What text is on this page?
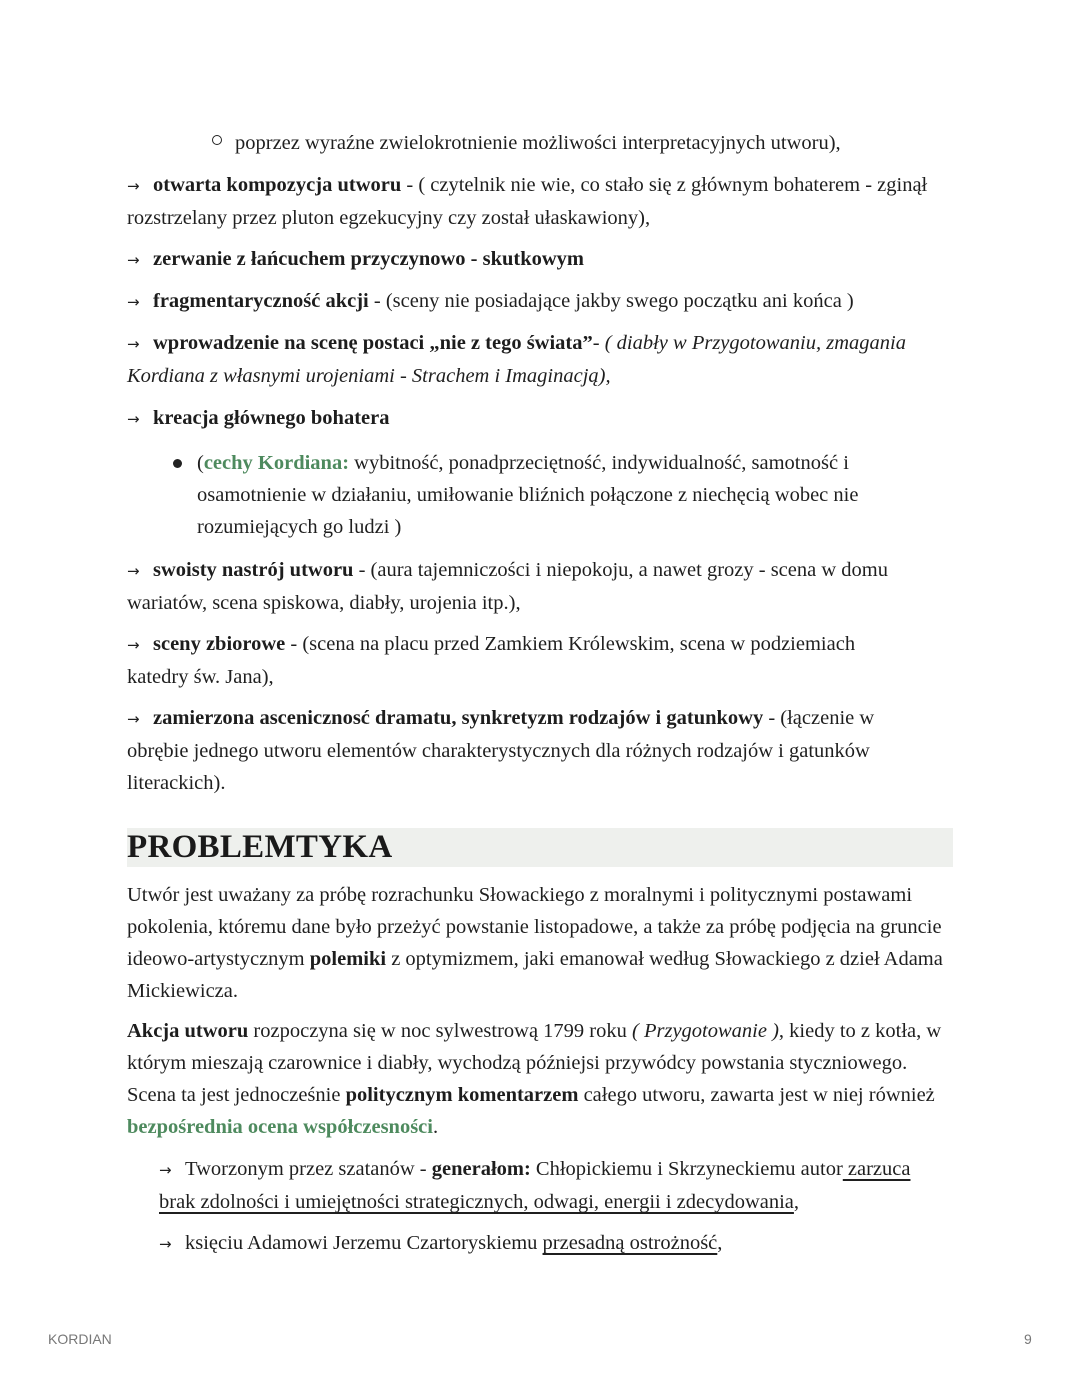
poprzez wyraźne zwielokrotnienie możliwości interpretacyjnych utworu),

→ otwarta kompozycja utworu - ( czytelnik nie wie, co stało się z głównym bohaterem - zginął rozstrzelany przez pluton egzekucyjny czy został ułaskawiony),

→ zerwanie z łańcuchem przyczynowo - skutkowym

→ fragmentaryczność akcji - (sceny nie posiadające jakby swego początku ani końca )

→ wprowadzenie na scenę postaci „nie z tego świata”- ( diabły w Przygotowaniu, zmagania Kordiana z własnymi urojeniami - Strachem i Imaginacją),

→ kreacja głównego bohatera

(cechy Kordiana: wybitność, ponadprzeciętność, indywidualność, samotność i osamotnienie w działaniu, umiłowanie bliźnich połączone z niechęcią wobec nie rozumiejących go ludzi )

→ swoisty nastrój utworu - (aura tajemniczości i niepokoju, a nawet grozy - scena w domu wariatów, scena spiskowa, diabły, urojenia itp.),

→ sceny zbiorowe - (scena na placu przed Zamkiem Królewskim, scena w podziemiach katedry św. Jana),

→ zamierzona ascenicznosć dramatu, synkretyzm rodzajów i gatunkowy - (łączenie w obrębie jednego utworu elementów charakterystycznych dla różnych rodzajów i gatunków literackich).

PROBLEMTYKA

Utwór jest uważany za próbę rozrachunku Słowackiego z moralnymi i politycznymi postawami pokolenia, któremu dane było przeżyć powstanie listopadowe, a także za próbę podjęcia na gruncie ideowo-artystycznym polemiki z optymizmem, jaki emanował według Słowackiego z dzieł Adama Mickiewicza.

Akcja utworu rozpoczyna się w noc sylwestrową 1799 roku ( Przygotowanie ), kiedy to z kotła, w którym mieszają czarownice i diabły, wychodzą późniejsi przywódcy powstania styczniowego. Scena ta jest jednocześnie politycznym komentarzem całego utworu, zawarta jest w niej również bezpośrednia ocena współczesności.

→ Tworzonym przez szatanów - generałom: Chłopickiemu i Skrzyneckiemu autor zarzuca brak zdolności i umiejętności strategicznych, odwagi, energii i zdecydowania,

→ księciu Adamowi Jerzemu Czartoryskiemu przesadną ostrożność,

KORDIAN	9
